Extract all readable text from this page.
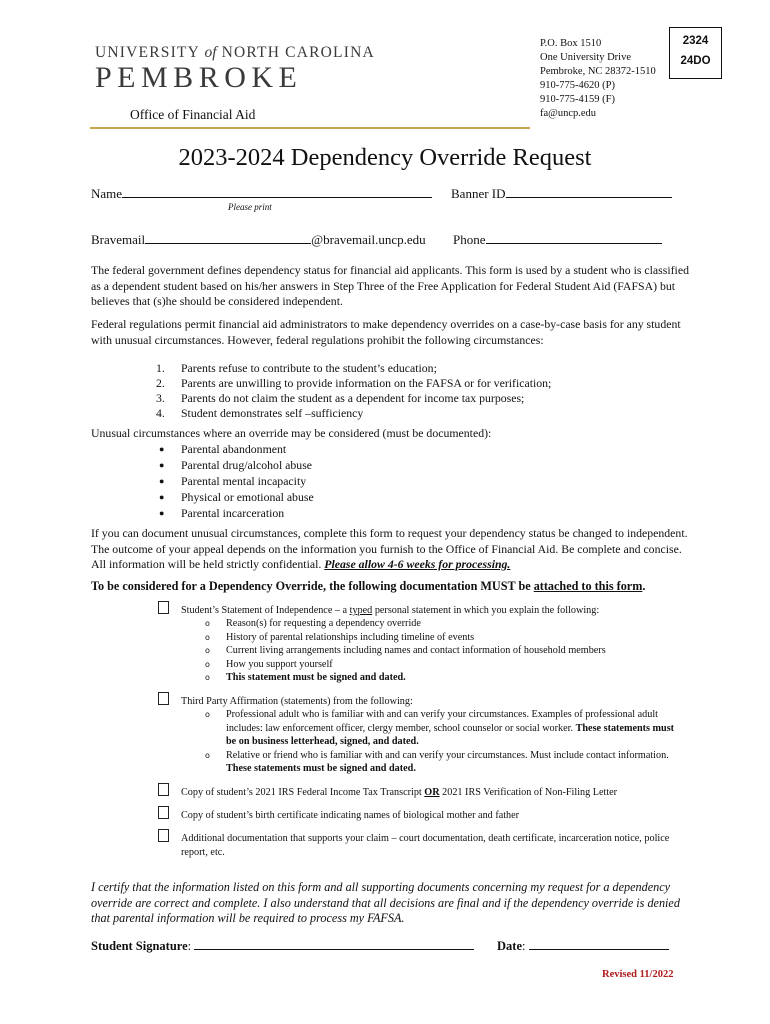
UNIVERSITY of NORTH CAROLINA
PEMBROKE
Office of Financial Aid
P.O. Box 1510
One University Drive
Pembroke, NC 28372-1510
910-775-4620 (P)
910-775-4159 (F)
fa@uncp.edu
2324
24DO
2023-2024 Dependency Override Request
Name
Please print
Banner ID
Bravemail	@bravemail.uncp.edu Phone
The federal government defines dependency status for financial aid applicants. This form is used by a student who is classified as a dependent student based on his/her answers in Step Three of the Free Application for Federal Student Aid (FAFSA) but believes that (s)he should be considered independent.
Federal regulations permit financial aid administrators to make dependency overrides on a case-by-case basis for any student with unusual circumstances. However, federal regulations prohibit the following circumstances:
1. Parents refuse to contribute to the student’s education;
2. Parents are unwilling to provide information on the FAFSA or for verification;
3. Parents do not claim the student as a dependent for income tax purposes;
4. Student demonstrates self –sufficiency
Unusual circumstances where an override may be considered (must be documented):
● Parental abandonment
● Parental drug/alcohol abuse
● Parental mental incapacity
● Physical or emotional abuse
● Parental incarceration
If you can document unusual circumstances, complete this form to request your dependency status be changed to independent. The outcome of your appeal depends on the information you furnish to the Office of Financial Aid. Be complete and concise. All information will be held strictly confidential. Please allow 4-6 weeks for processing.
To be considered for a Dependency Override, the following documentation MUST be attached to this form.
Student’s Statement of Independence – a typed personal statement in which you explain the following:
o Reason(s) for requesting a dependency override
o History of parental relationships including timeline of events
o Current living arrangements including names and contact information of household members
o How you support yourself
o This statement must be signed and dated.
Third Party Affirmation (statements) from the following:
o Professional adult who is familiar with and can verify your circumstances. Examples of professional adult includes: law enforcement officer, clergy member, school counselor or social worker. These statements must be on business letterhead, signed, and dated.
o Relative or friend who is familiar with and can verify your circumstances. Must include contact information. These statements must be signed and dated.
Copy of student’s 2021 IRS Federal Income Tax Transcript OR 2021 IRS Verification of Non-Filing Letter
Copy of student’s birth certificate indicating names of biological mother and father
Additional documentation that supports your claim – court documentation, death certificate, incarceration notice, police report, etc.
I certify that the information listed on this form and all supporting documents concerning my request for a dependency override are correct and complete. I also understand that all decisions are final and if the dependency override is denied that parental information will be required to process my FAFSA.
Student Signature:	Date:
Revised 11/2022
